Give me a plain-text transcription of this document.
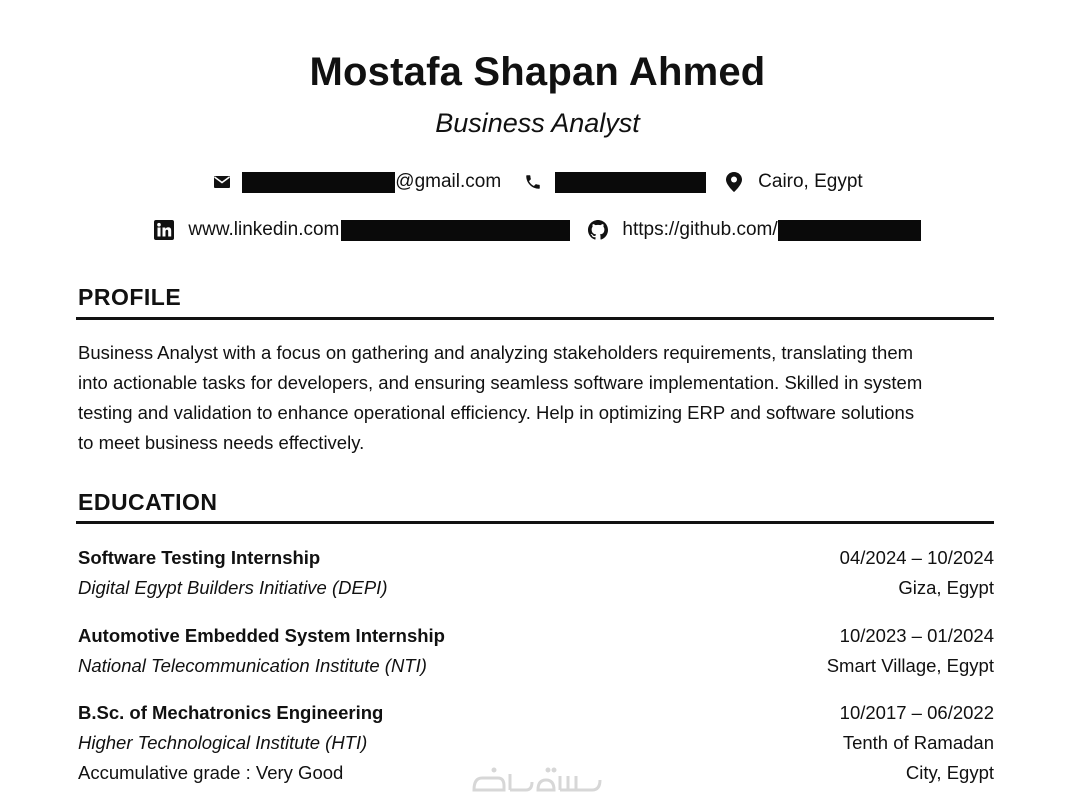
Mostafa Shapan Ahmed
Business Analyst
@gmail.com	Cairo, Egypt
www.linkedin.com	https://github.com/
PROFILE
Business Analyst with a focus on gathering and analyzing stakeholders requirements, translating them
into actionable tasks for developers, and ensuring seamless software implementation. Skilled in system
testing and validation to enhance operational efficiency. Help in optimizing ERP and software solutions
to meet business needs effectively.
EDUCATION
Software Testing Internship	04/2024 – 10/2024
Digital Egypt Builders Initiative (DEPI)	Giza, Egypt
Automotive Embedded System Internship	10/2023 – 01/2024
National Telecommunication Institute (NTI)	Smart Village, Egypt
B.Sc. of Mechatronics Engineering	10/2017 – 06/2022
Higher Technological Institute (HTI)	Tenth of Ramadan
Accumulative grade : Very Good	City, Egypt
